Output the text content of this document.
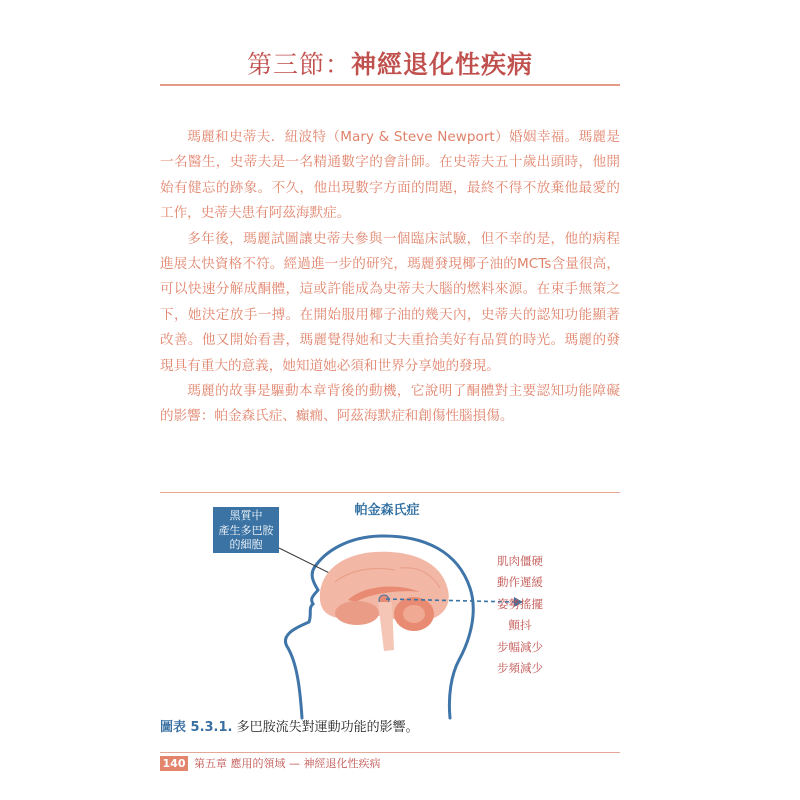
第三節：神經退化性疾病

瑪麗和史蒂夫．紐波特（Mary & Steve Newport）婚姻幸福。瑪麗是一名醫生，史蒂夫是一名精通數字的會計師。在史蒂夫五十歲出頭時，他開始有健忘的跡象。不久，他出現數字方面的問題，最終不得不放棄他最愛的工作，史蒂夫患有阿茲海默症。

多年後，瑪麗試圖讓史蒂夫參與一個臨床試驗，但不幸的是，他的病程進展太快資格不符。經過進一步的研究，瑪麗發現椰子油的MCTs含量很高，可以快速分解成酮體，這或許能成為史蒂夫大腦的燃料來源。在束手無策之下，她決定放手一搏。在開始服用椰子油的幾天內，史蒂夫的認知功能顯著改善。他又開始看書，瑪麗覺得她和丈夫重拾美好有品質的時光。瑪麗的發現具有重大的意義，她知道她必須和世界分享她的發現。

瑪麗的故事是驅動本章背後的動機，它說明了酮體對主要認知功能障礙的影響：帕金森氏症、癲癇、阿茲海默症和創傷性腦損傷。

黑質中
產生多巴胺
的細胞
帕金森氏症
肌肉僵硬
動作遲緩
姿勢搖擺
顫抖
步幅減少
步頻減少
圖表 5.3.1. 多巴胺流失對運動功能的影響。
140 第五章 應用的領域 — 神經退化性疾病
